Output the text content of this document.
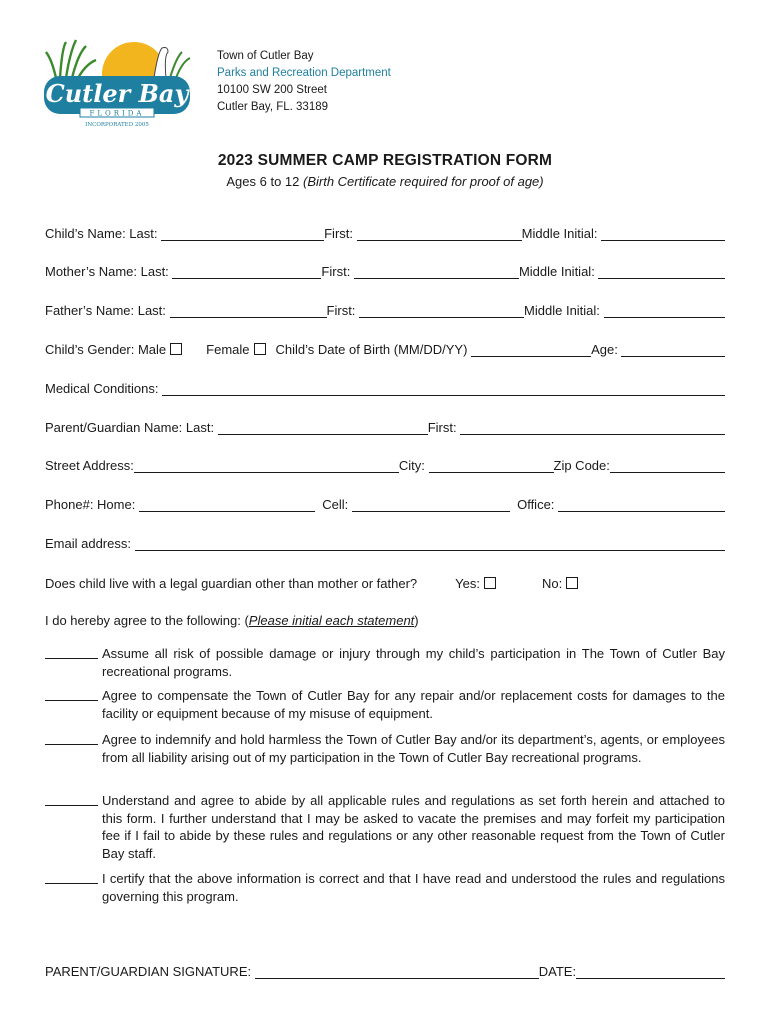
Cutler Bay
FLORIDA
INCORPORATED 2005
Town of Cutler Bay
Parks and Recreation Department
10100 SW 200 Street
Cutler Bay, FL. 33189
2023 SUMMER CAMP REGISTRATION FORM
Ages 6 to 12 (Birth Certificate required for proof of age)
Child’s Name: Last:
	First:
	Middle Initial:

Mother’s Name: Last:
	First:
	Middle Initial:

Father’s Name: Last:
	First:
	Middle Initial:

Child’s Gender: Male	Female Child’s Date of Birth (MM/DD/YY)
	Age:

Medical Conditions:

Parent/Guardian Name: Last:
	First:

Street Address:	City:
	Zip Code:
Phone#: Home:

	Cell:

	Office:

Email address:

Does child live with a legal guardian other than mother or father?	Yes:	No:
I do hereby agree to the following: ( Please initial each statement )
Assume all risk of possible damage or injury through my child’s participation in The Town of Cutler Bay recreational programs.
Agree to compensate the Town of Cutler Bay for any repair and/or replacement costs for damages to the facility or equipment because of my misuse of equipment.
Agree to indemnify and hold harmless the Town of Cutler Bay and/or its department’s, agents, or employees from all liability arising out of my participation in the Town of Cutler Bay recreational programs.
Understand and agree to abide by all applicable rules and regulations as set forth herein and attached to this form. I further understand that I may be asked to vacate the premises and may forfeit my participation fee if I fail to abide by these rules and regulations or any other reasonable request from the Town of Cutler Bay staff.
I certify that the above information is correct and that I have read and understood the rules and regulations governing this program.
PARENT/GUARDIAN SIGNATURE:
	DATE:
